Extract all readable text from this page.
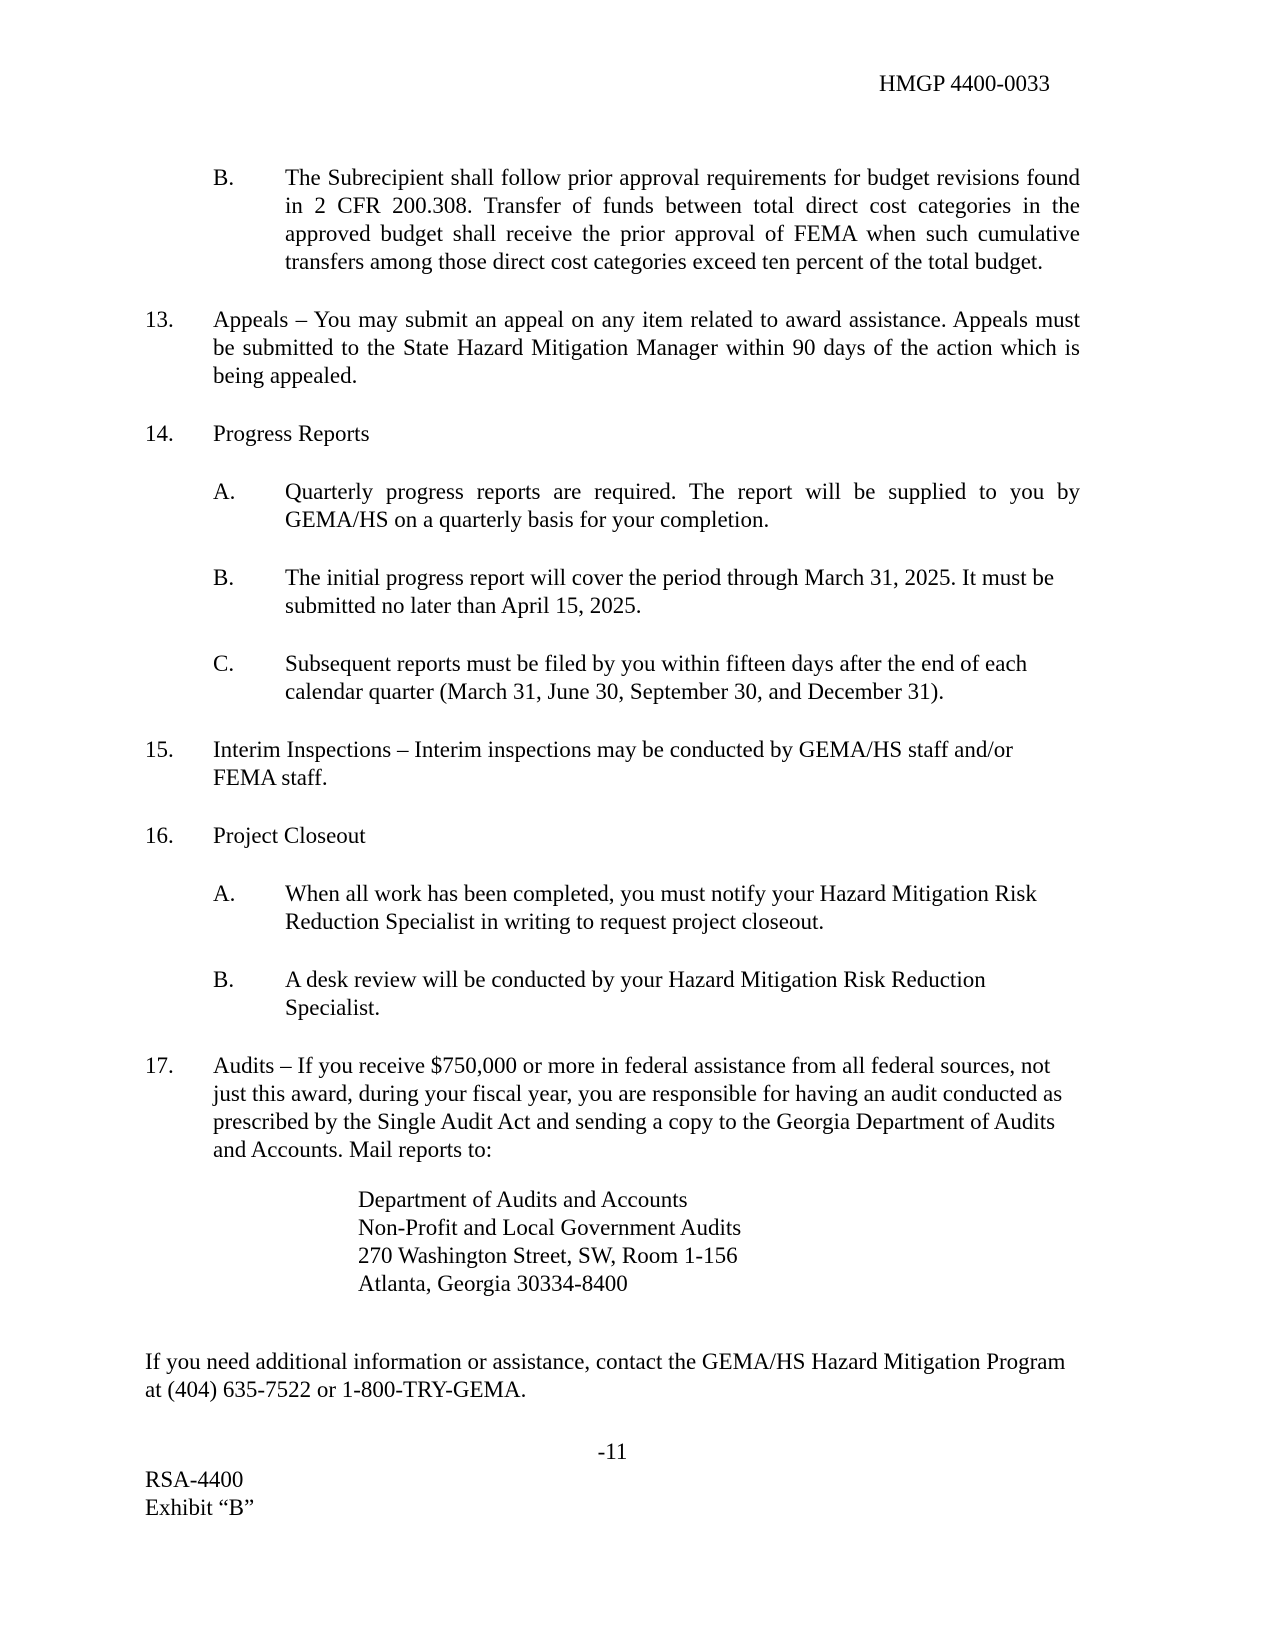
HMGP 4400-0033
B.	The Subrecipient shall follow prior approval requirements for budget revisions found in 2 CFR 200.308. Transfer of funds between total direct cost categories in the approved budget shall receive the prior approval of FEMA when such cumulative transfers among those direct cost categories exceed ten percent of the total budget.
13.	Appeals – You may submit an appeal on any item related to award assistance. Appeals must be submitted to the State Hazard Mitigation Manager within 90 days of the action which is being appealed.
14.	Progress Reports
A.	Quarterly progress reports are required. The report will be supplied to you by GEMA/HS on a quarterly basis for your completion.
B.	The initial progress report will cover the period through March 31, 2025. It must be submitted no later than April 15, 2025.
C.	Subsequent reports must be filed by you within fifteen days after the end of each calendar quarter (March 31, June 30, September 30, and December 31).
15.	Interim Inspections – Interim inspections may be conducted by GEMA/HS staff and/or FEMA staff.
16.	Project Closeout
A.	When all work has been completed, you must notify your Hazard Mitigation Risk Reduction Specialist in writing to request project closeout.
B.	A desk review will be conducted by your Hazard Mitigation Risk Reduction Specialist.
17.	Audits – If you receive $750,000 or more in federal assistance from all federal sources, not just this award, during your fiscal year, you are responsible for having an audit conducted as prescribed by the Single Audit Act and sending a copy to the Georgia Department of Audits and Accounts. Mail reports to:
Department of Audits and Accounts
Non-Profit and Local Government Audits
270 Washington Street, SW, Room 1-156
Atlanta, Georgia 30334-8400
If you need additional information or assistance, contact the GEMA/HS Hazard Mitigation Program at (404) 635-7522 or 1-800-TRY-GEMA.
-11
RSA-4400
Exhibit “B”
